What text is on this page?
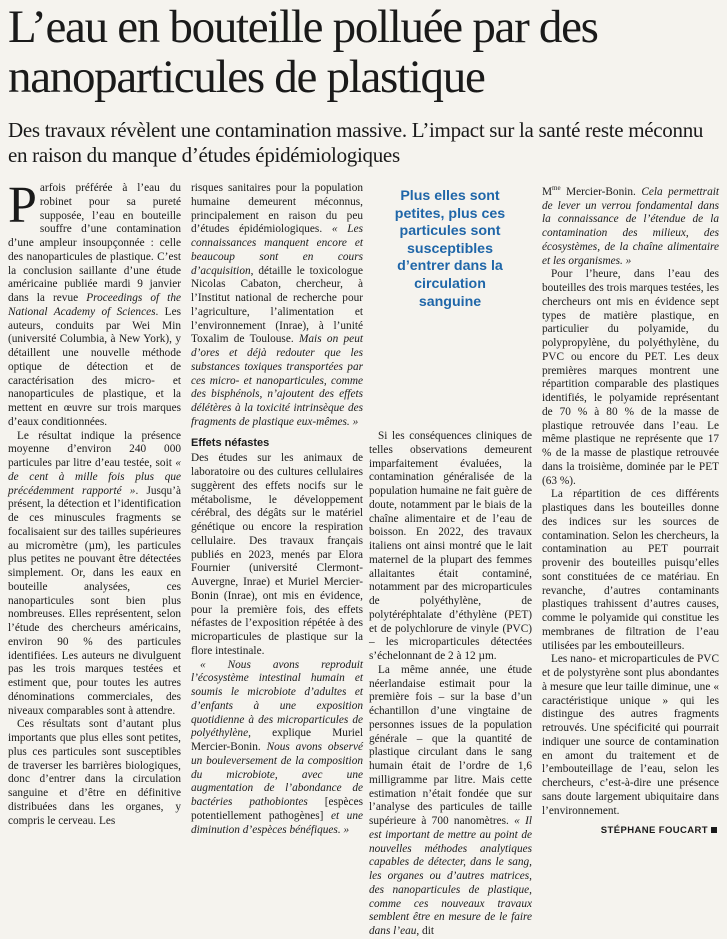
L’eau en bouteille polluée par des nanoparticules de plastique

Des travaux révèlent une contamination massive. L’impact sur la santé reste méconnu en raison du manque d’études épidémiologiques

Parfois préférée à l’eau du robinet pour sa pureté supposée, l’eau en bouteille souffre d’une contamination d’une ampleur insoupçonnée : celle des nanoparticules de plastique. C’est la conclusion saillante d’une étude américaine publiée mardi 9 janvier dans la revue Proceedings of the National Academy of Sciences. Les auteurs, conduits par Wei Min (université Columbia, à New York), y détaillent une nouvelle méthode optique de détection et de caractérisation des micro- et nanoparticules de plastique, et la mettent en œuvre sur trois marques d’eaux conditionnées.

Le résultat indique la présence moyenne d’environ 240 000 particules par litre d’eau testée, soit « de cent à mille fois plus que précédemment rapporté ». Jusqu’à présent, la détection et l’identification de ces minuscules fragments se focalisaient sur des tailles supérieures au micromètre (µm), les particules plus petites ne pouvant être détectées simplement. Or, dans les eaux en bouteille analysées, ces nanoparticules sont bien plus nombreuses. Elles représentent, selon l’étude des chercheurs américains, environ 90 % des particules identifiées. Les auteurs ne divulguent pas les trois marques testées et estiment que, pour toutes les autres dénominations commerciales, des niveaux comparables sont à attendre.

Ces résultats sont d’autant plus importants que plus elles sont petites, plus ces particules sont susceptibles de traverser les barrières biologiques, donc d’entrer dans la circulation sanguine et d’être en définitive distribuées dans les organes, y compris le cerveau. Les

risques sanitaires pour la population humaine demeurent méconnus, principalement en raison du peu d’études épidémiologiques. « Les connaissances manquent encore et beaucoup sont en cours d’acquisition, détaille le toxicologue Nicolas Cabaton, chercheur, à l’Institut national de recherche pour l’agriculture, l’alimentation et l’environnement (Inrae), à l’unité Toxalim de Toulouse. Mais on peut d’ores et déjà redouter que les substances toxiques transportées par ces micro- et nanoparticules, comme des bisphénols, n’ajoutent des effets délétères à la toxicité intrinsèque des fragments de plastique eux-mêmes. »

Effets néfastes

Des études sur les animaux de laboratoire ou des cultures cellulaires suggèrent des effets nocifs sur le métabolisme, le développement cérébral, des dégâts sur le matériel génétique ou encore la respiration cellulaire. Des travaux français publiés en 2023, menés par Elora Fournier (université Clermont-Auvergne, Inrae) et Muriel Mercier-Bonin (Inrae), ont mis en évidence, pour la première fois, des effets néfastes de l’exposition répétée à des microparticules de plastique sur la flore intestinale.

« Nous avons reproduit l’écosystème intestinal humain et soumis le microbiote d’adultes et d’enfants à une exposition quotidienne à des microparticules de polyéthylène, explique Muriel Mercier-Bonin. Nous avons observé un bouleversement de la composition du microbiote, avec une augmentation de l’abondance de bactéries pathobiontes [espèces potentiellement pathogènes] et une diminution d’espèces bénéfiques. »

Plus elles sont petites, plus ces particules sont susceptibles d’entrer dans la circulation sanguine

Si les conséquences cliniques de telles observations demeurent imparfaitement évaluées, la contamination généralisée de la population humaine ne fait guère de doute, notamment par le biais de la chaîne alimentaire et de l’eau de boisson. En 2022, des travaux italiens ont ainsi montré que le lait maternel de la plupart des femmes allaitantes était contaminé, notamment par des microparticules de polyéthylène, de polytéréphtalate d’éthylène (PET) et de polychlorure de vinyle (PVC) – les microparticules détectées s’échelonnant de 2 à 12 µm.

La même année, une étude néerlandaise estimait pour la première fois – sur la base d’un échantillon d’une vingtaine de personnes issues de la population générale – que la quantité de plastique circulant dans le sang humain était de l’ordre de 1,6 milligramme par litre. Mais cette estimation n’était fondée que sur l’analyse des particules de taille supérieure à 700 nanomètres. « Il est important de mettre au point de nouvelles méthodes analytiques capables de détecter, dans le sang, les organes ou d’autres matrices, des nanoparticules de plastique, comme ces nouveaux travaux semblent être en mesure de le faire dans l’eau, dit

$M^{me}$ Mercier-Bonin. Cela permettrait de lever un verrou fondamental dans la connaissance de l’étendue de la contamination des milieux, des écosystèmes, de la chaîne alimentaire et les organismes. »

Pour l’heure, dans l’eau des bouteilles des trois marques testées, les chercheurs ont mis en évidence sept types de matière plastique, en particulier du polyamide, du polypropylène, du polyéthylène, du PVC ou encore du PET. Les deux premières marques montrent une répartition comparable des plastiques identifiés, le polyamide représentant de 70 % à 80 % de la masse de plastique retrouvée dans l’eau. Le même plastique ne représente que 17 % de la masse de plastique retrouvée dans la troisième, dominée par le PET (63 %).

La répartition de ces différents plastiques dans les bouteilles donne des indices sur les sources de contamination. Selon les chercheurs, la contamination au PET pourrait provenir des bouteilles puisqu’elles sont constituées de ce matériau. En revanche, d’autres contaminants plastiques trahissent d’autres causes, comme le polyamide qui constitue les membranes de filtration de l’eau utilisées par les embouteilleurs.

Les nano- et microparticules de PVC et de polystyrène sont plus abondantes à mesure que leur taille diminue, une « caractéristique unique » qui les distingue des autres fragments retrouvés. Une spécificité qui pourrait indiquer une source de contamination en amont du traitement et de l’embouteillage de l’eau, selon les chercheurs, c’est-à-dire une présence sans doute largement ubiquitaire dans l’environnement.

STÉPHANE FOUCART
